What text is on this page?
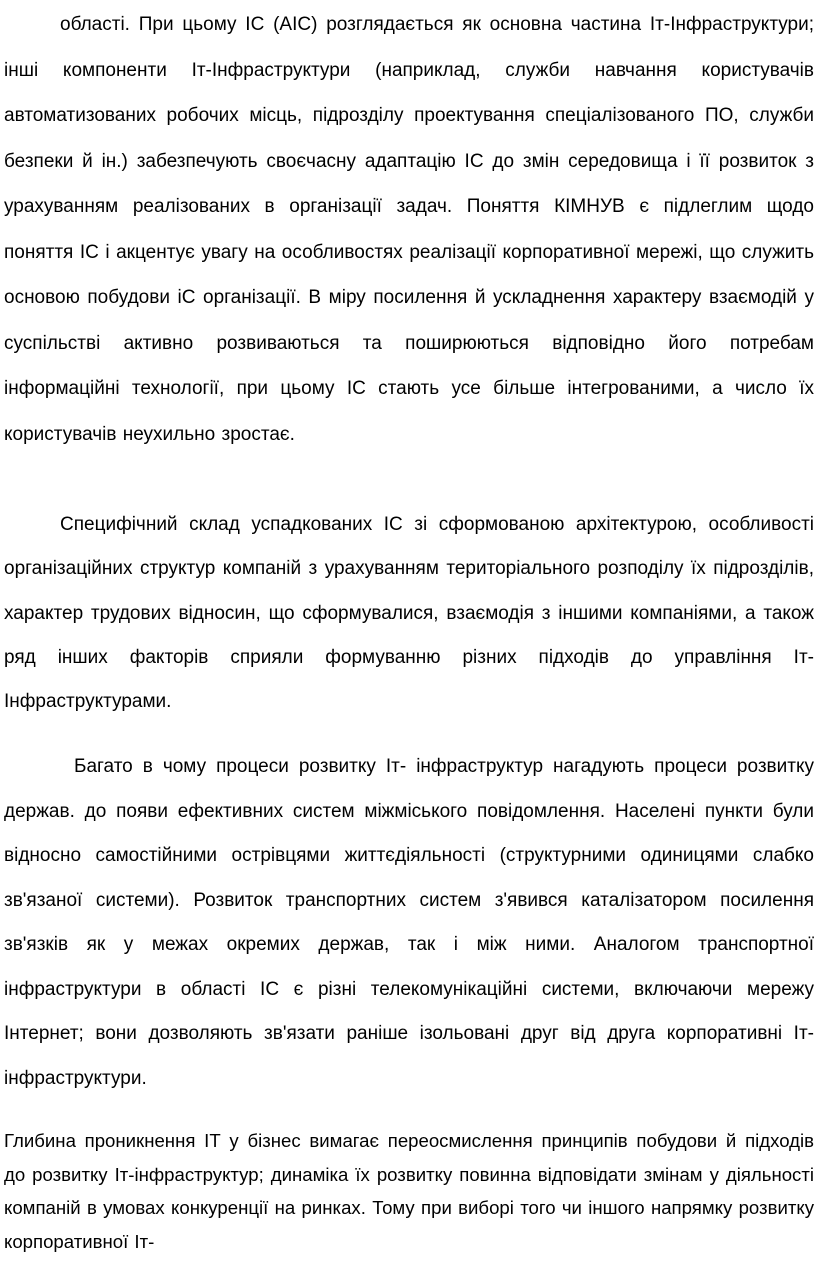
області. При цьому ІС (АІС) розглядається як основна частина Іт-Інфраструктури; інші компоненти Іт-Інфраструктури (наприклад, служби навчання користувачів автоматизованих робочих місць, підрозділу проектування спеціалізованого ПО, служби безпеки й ін.) забезпечують своєчасну адаптацію ІС до змін середовища і її розвиток з урахуванням реалізованих в організації задач. Поняття КІМНУВ є підлеглим щодо поняття ІС і акцентує увагу на особливостях реалізації корпоративної мережі, що служить основою побудови іС організації. В міру посилення й ускладнення характеру взаємодій у суспільстві активно розвиваються та поширюються відповідно його потребам інформаційні технології, при цьому ІС стають усе більше інтегрованими, а число їх користувачів неухильно зростає.

Специфічний склад успадкованих ІС зі сформованою архітектурою, особливості організаційних структур компаній з урахуванням територіального розподілу їх підрозділів, характер трудових відносин, що сформувалися, взаємодія з іншими компаніями, а також ряд інших факторів сприяли формуванню різних підходів до управління Іт-Інфраструктурами.

Багато в чому процеси розвитку Іт- інфраструктур нагадують процеси розвитку держав. до появи ефективних систем міжміського повідомлення. Населені пункти були відносно самостійними острівцями життєдіяльності (структурними одиницями слабко зв'язаної системи). Розвиток транспортних систем з'явився каталізатором посилення зв'язків як у межах окремих держав, так і між ними. Аналогом транспортної інфраструктури в області ІС є різні телекомунікаційні системи, включаючи мережу Інтернет; вони дозволяють зв'язати раніше ізольовані друг від друга корпоративні Іт- інфраструктури.

Глибина проникнення ІТ у бізнес вимагає переосмислення принципів побудови й підходів до розвитку Іт-інфраструктур; динаміка їх розвитку повинна відповідати змінам у діяльності компаній в умовах конкуренції на ринках. Тому при виборі того чи іншого напрямку розвитку корпоративної Іт-
